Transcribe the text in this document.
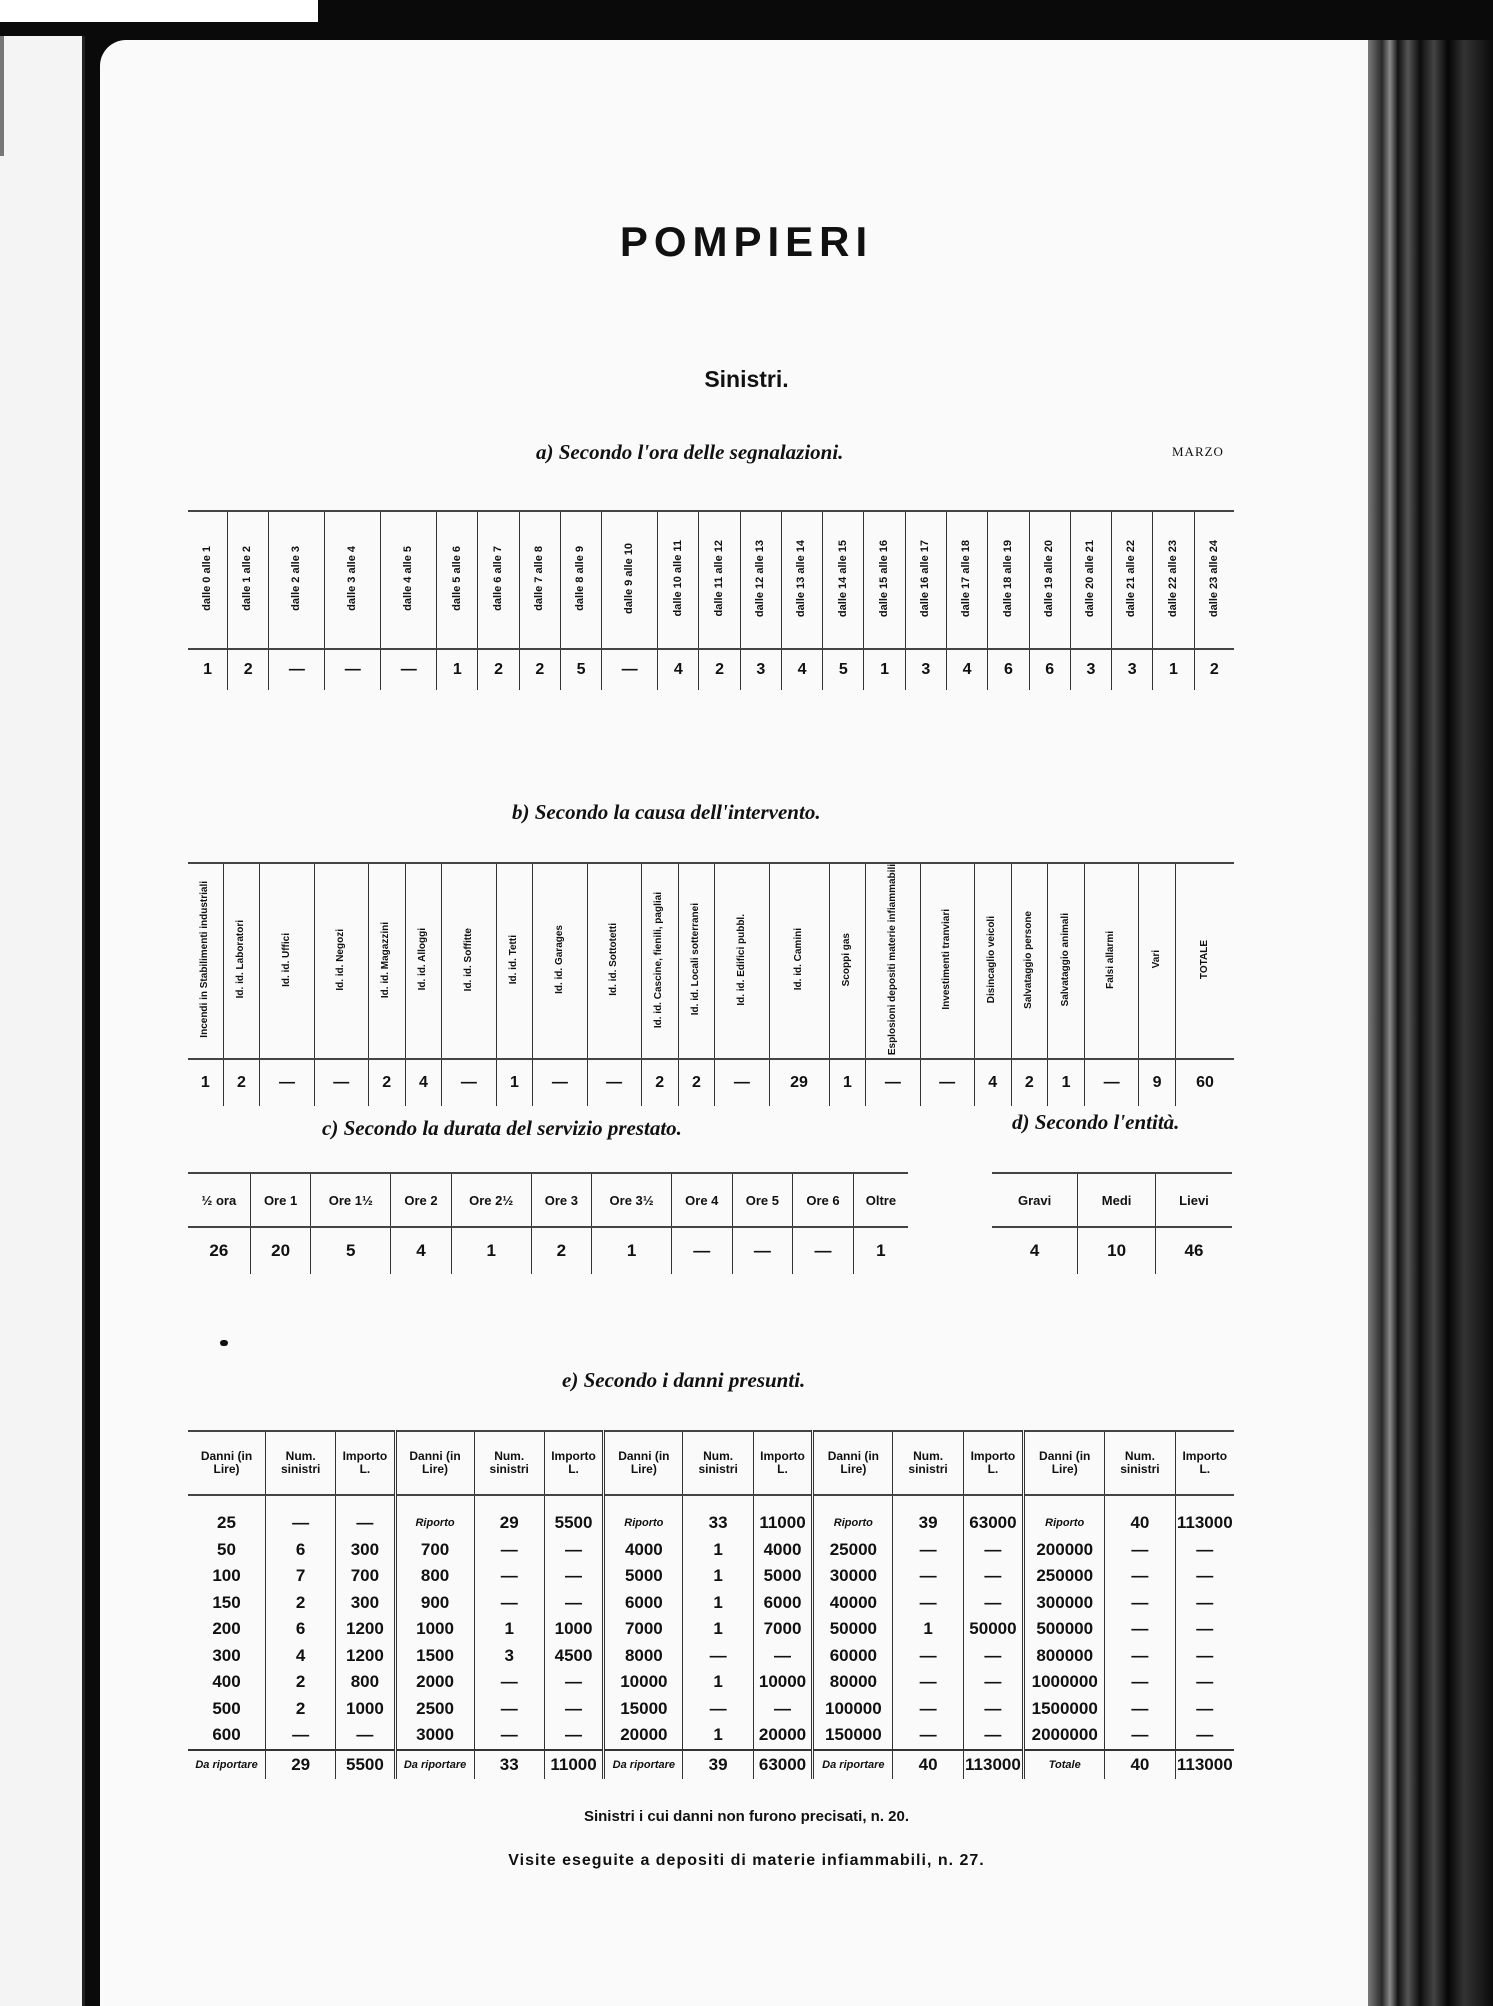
POMPIERI
Sinistri.
a) Secondo l'ora delle segnalazioni.	MARZO
dalle 0 alle 1	dalle 1 alle 2	dalle 2 alle 3	dalle 3 alle 4	dalle 4 alle 5	dalle 5 alle 6	dalle 6 alle 7	dalle 7 alle 8	dalle 8 alle 9	dalle 9 alle 10	dalle 10 alle 11	dalle 11 alle 12	dalle 12 alle 13	dalle 13 alle 14	dalle 14 alle 15	dalle 15 alle 16	dalle 16 alle 17	dalle 17 alle 18	dalle 18 alle 19	dalle 19 alle 20	dalle 20 alle 21	dalle 21 alle 22	dalle 22 alle 23	dalle 23 alle 24
1	2	—	—	—	1	2	2	5	—	4	2	3	4	5	1	3	4	6	6	3	3	1	2
b) Secondo la causa dell'intervento.
Incendi in Stabilimenti industriali	Id. id. Laboratori	Id. id. Uffici	Id. id. Negozi	Id. id. Magazzini	Id. id. Alloggi	Id. id. Soffitte	Id. id. Tetti	Id. id. Garages	Id. id. Sottotetti	Id. id. Cascine, fienili, pagliai	Id. id. Locali sotterranei	Id. id. Edifici pubbl.	Id. id. Camini	Scoppi gas	Esplosioni depositi materie infiammabili	Investimenti tranviari	Disincaglio veicoli	Salvataggio persone	Salvataggio animali	Falsi allarmi	Vari	TOTALE
1	2	—	—	2	4	—	1	—	—	2	2	—	29	1	—	—	4	2	1	—	9	60
c) Secondo la durata del servizio prestato.	d) Secondo l'entità.
½ ora	Ore 1	Ore 1½	Ore 2	Ore 2½	Ore 3	Ore 3½	Ore 4	Ore 5	Ore 6	Oltre
26	20	5	4	1	2	1	—	—	—	1
Gravi	Medi	Lievi
4	10	46
e) Secondo i danni presunti.
Danni (in Lire)	Num. sinistri	Importo L.	Danni (in Lire)	Num. sinistri	Importo L.	Danni (in Lire)	Num. sinistri	Importo L.	Danni (in Lire)	Num. sinistri	Importo L.	Danni (in Lire)	Num. sinistri	Importo L.
25	—	—	Riporto	29	5500	Riporto	33	11000	Riporto	39	63000	Riporto	40	113000
50	6	300	700	—	—	4000	1	4000	25000	—	—	200000	—	—
100	7	700	800	—	—	5000	1	5000	30000	—	—	250000	—	—
150	2	300	900	—	—	6000	1	6000	40000	—	—	300000	—	—
200	6	1200	1000	1	1000	7000	1	7000	50000	1	50000	500000	—	—
300	4	1200	1500	3	4500	8000	—	—	60000	—	—	800000	—	—
400	2	800	2000	—	—	10000	1	10000	80000	—	—	1000000	—	—
500	2	1000	2500	—	—	15000	—	—	100000	—	—	1500000	—	—
600	—	—	3000	—	—	20000	1	20000	150000	—	—	2000000	—	—
Da riportare	29	5500	Da riportare	33	11000	Da riportare	39	63000	Da riportare	40	113000	Totale	40	113000
Sinistri i cui danni non furono precisati, n. 20.
Visite eseguite a depositi di materie infiammabili, n. 27.
